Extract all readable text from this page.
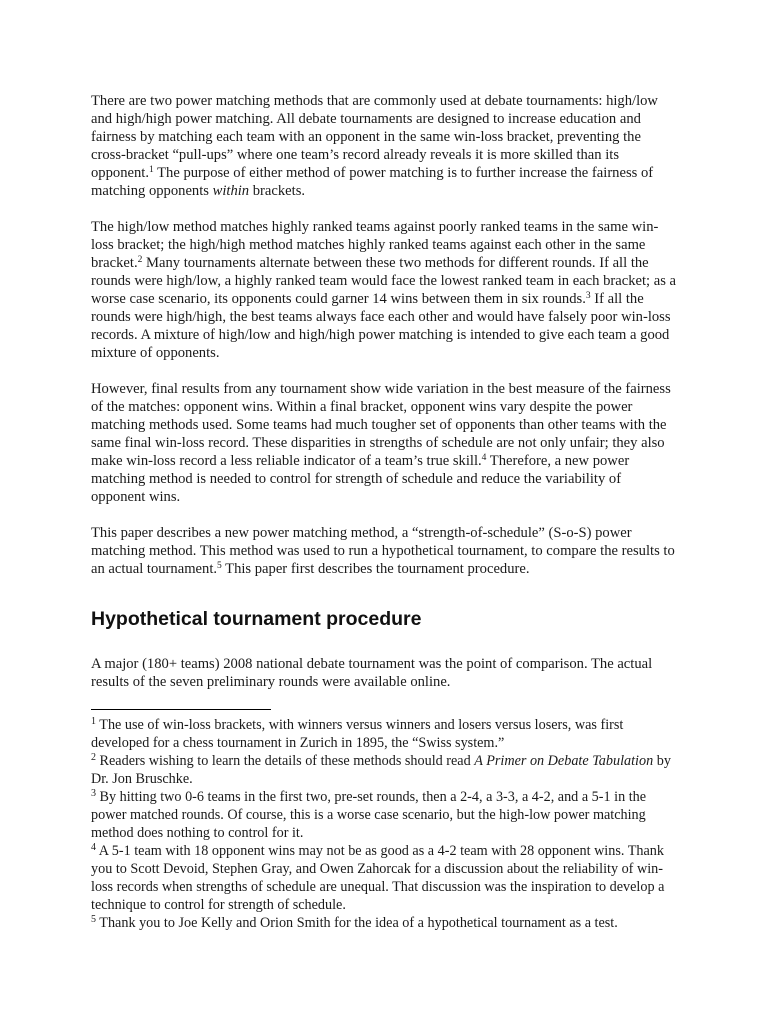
There are two power matching methods that are commonly used at debate tournaments: high/low and high/high power matching. All debate tournaments are designed to increase education and fairness by matching each team with an opponent in the same win-loss bracket, preventing the cross-bracket “pull-ups” where one team’s record already reveals it is more skilled than its opponent.$^1$ The purpose of either method of power matching is to further increase the fairness of matching opponents within brackets.

The high/low method matches highly ranked teams against poorly ranked teams in the same win-loss bracket; the high/high method matches highly ranked teams against each other in the same bracket.$^2$ Many tournaments alternate between these two methods for different rounds. If all the rounds were high/low, a highly ranked team would face the lowest ranked team in each bracket; as a worse case scenario, its opponents could garner 14 wins between them in six rounds.$^3$ If all the rounds were high/high, the best teams always face each other and would have falsely poor win-loss records. A mixture of high/low and high/high power matching is intended to give each team a good mixture of opponents.

However, final results from any tournament show wide variation in the best measure of the fairness of the matches: opponent wins. Within a final bracket, opponent wins vary despite the power matching methods used. Some teams had much tougher set of opponents than other teams with the same final win-loss record. These disparities in strengths of schedule are not only unfair; they also make win-loss record a less reliable indicator of a team’s true skill.$^4$ Therefore, a new power matching method is needed to control for strength of schedule and reduce the variability of opponent wins.

This paper describes a new power matching method, a “strength-of-schedule” (S-o-S) power matching method. This method was used to run a hypothetical tournament, to compare the results to an actual tournament.$^5$ This paper first describes the tournament procedure.

Hypothetical tournament procedure

A major (180+ teams) 2008 national debate tournament was the point of comparison. The actual results of the seven preliminary rounds were available online.

$^1$ The use of win-loss brackets, with winners versus winners and losers versus losers, was first developed for a chess tournament in Zurich in 1895, the “Swiss system.”

$^2$ Readers wishing to learn the details of these methods should read A Primer on Debate Tabulation by Dr. Jon Bruschke.

$^3$ By hitting two 0-6 teams in the first two, pre-set rounds, then a 2-4, a 3-3, a 4-2, and a 5-1 in the power matched rounds. Of course, this is a worse case scenario, but the high-low power matching method does nothing to control for it.

$^4$ A 5-1 team with 18 opponent wins may not be as good as a 4-2 team with 28 opponent wins. Thank you to Scott Devoid, Stephen Gray, and Owen Zahorcak for a discussion about the reliability of win-loss records when strengths of schedule are unequal. That discussion was the inspiration to develop a technique to control for strength of schedule.

$^5$ Thank you to Joe Kelly and Orion Smith for the idea of a hypothetical tournament as a test.
